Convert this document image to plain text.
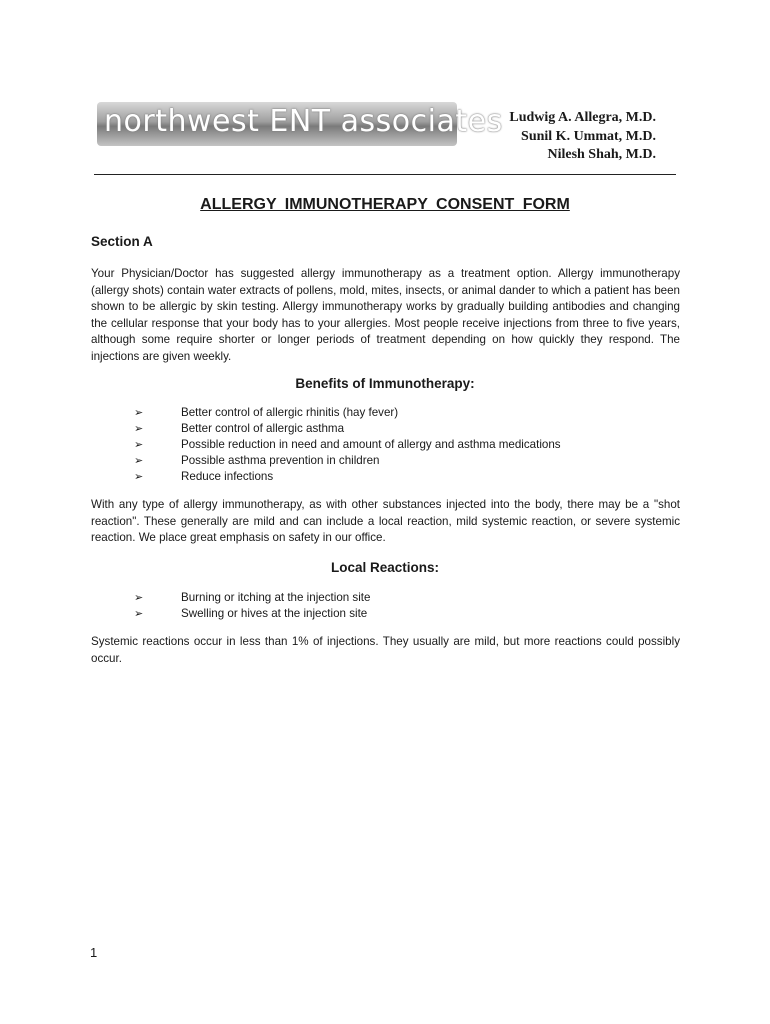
northwest ENT associates Ludwig A. Allegra, M.D.
Sunil K. Ummat, M.D.
Nilesh Shah, M.D.
ALLERGY IMMUNOTHERAPY CONSENT FORM
Section A
Your Physician/Doctor has suggested allergy immunotherapy as a treatment option. Allergy immunotherapy (allergy shots) contain water extracts of pollens, mold, mites, insects, or animal dander to which a patient has been shown to be allergic by skin testing. Allergy immunotherapy works by gradually building antibodies and changing the cellular response that your body has to your allergies. Most people receive injections from three to five years, although some require shorter or longer periods of treatment depending on how quickly they respond. The injections are given weekly.
Benefits of Immunotherapy:
➢	Better control of allergic rhinitis (hay fever)
➢	Better control of allergic asthma
➢	Possible reduction in need and amount of allergy and asthma medications
➢	Possible asthma prevention in children
➢	Reduce infections
With any type of allergy immunotherapy, as with other substances injected into the body, there may be a "shot reaction". These generally are mild and can include a local reaction, mild systemic reaction, or severe systemic reaction. We place great emphasis on safety in our office.
Local Reactions:
➢	Burning or itching at the injection site
➢	Swelling or hives at the injection site
Systemic reactions occur in less than 1% of injections. They usually are mild, but more reactions could possibly occur.
1
